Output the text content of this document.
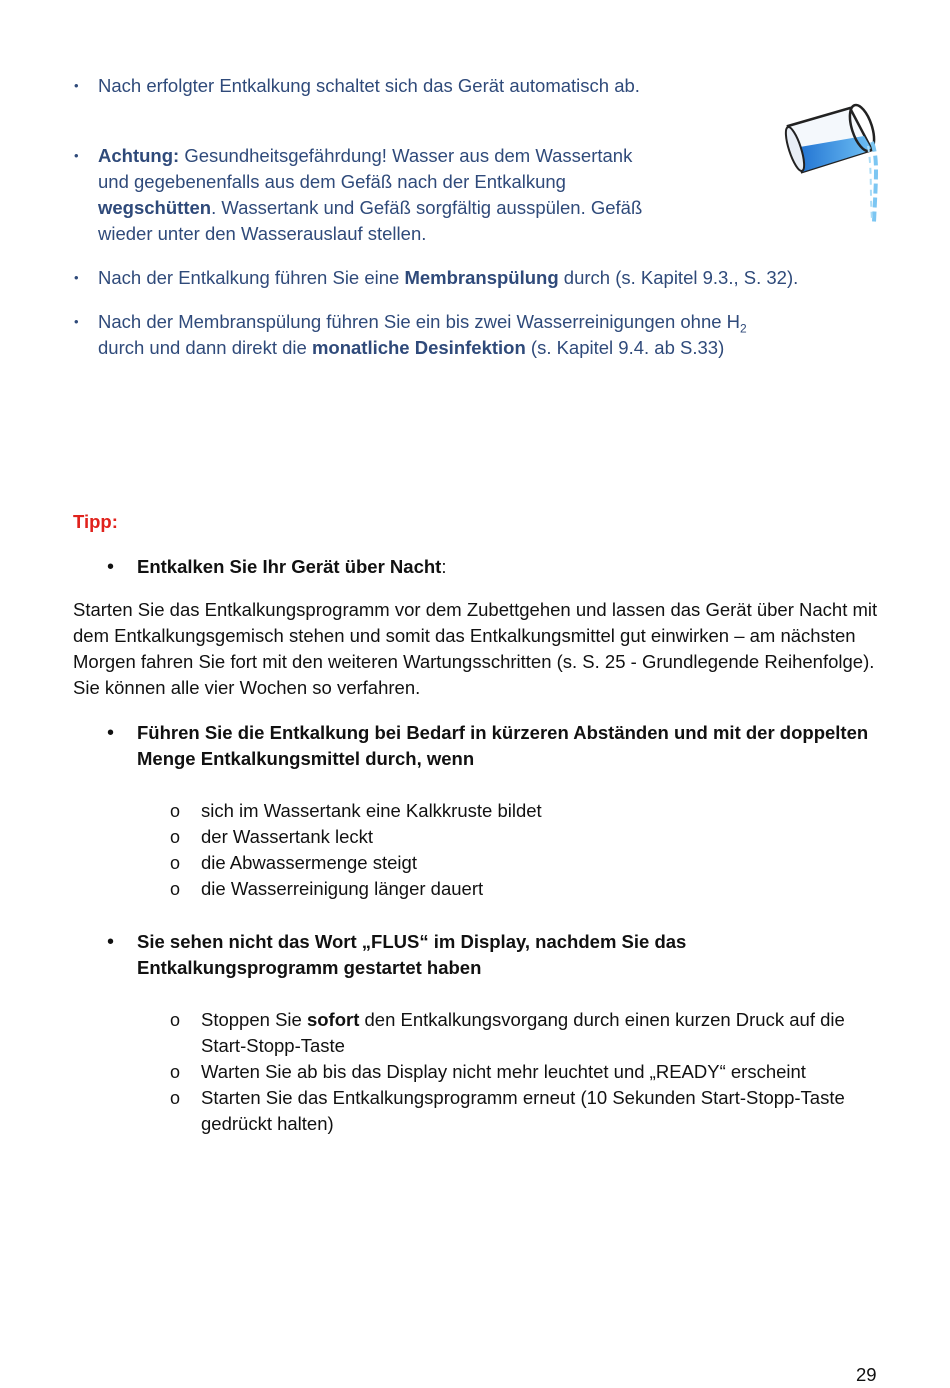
• Nach erfolgter Entkalkung schaltet sich das Gerät automatisch ab.

• Achtung: Gesundheitsgefährdung! Wasser aus dem Wassertank und gegebenenfalls aus dem Gefäß nach der Entkalkung wegschütten. Wassertank und Gefäß sorgfältig ausspülen. Gefäß wieder unter den Wasserauslauf stellen.

• Nach der Entkalkung führen Sie eine Membranspülung durch (s. Kapitel 9.3., S. 32).

• Nach der Membranspülung führen Sie ein bis zwei Wasserreinigungen ohne $H_2$ durch und dann direkt die monatliche Desinfektion (s. Kapitel 9.4. ab S.33)

Tipp:
• Entkalken Sie Ihr Gerät über Nacht:

Starten Sie das Entkalkungsprogramm vor dem Zubettgehen und lassen das Gerät über Nacht mit dem Entkalkungsgemisch stehen und somit das Entkalkungsmittel gut einwirken – am nächsten Morgen fahren Sie fort mit den weiteren Wartungsschritten (s. S. 25 - Grundlegende Reihenfolge). Sie können alle vier Wochen so verfahren.

• Führen Sie die Entkalkung bei Bedarf in kürzeren Abständen und mit der doppelten Menge Entkalkungsmittel durch, wenn

o sich im Wassertank eine Kalkkruste bildet

o der Wassertank leckt

o die Abwassermenge steigt

o die Wasserreinigung länger dauert

• Sie sehen nicht das Wort „FLUS“ im Display, nachdem Sie das Entkalkungsprogramm gestartet haben

o Stoppen Sie sofort den Entkalkungsvorgang durch einen kurzen Druck auf die Start-Stopp-Taste

o Warten Sie ab bis das Display nicht mehr leuchtet und „READY“ erscheint

o Starten Sie das Entkalkungsprogramm erneut (10 Sekunden Start-Stopp-Taste gedrückt halten)

29
